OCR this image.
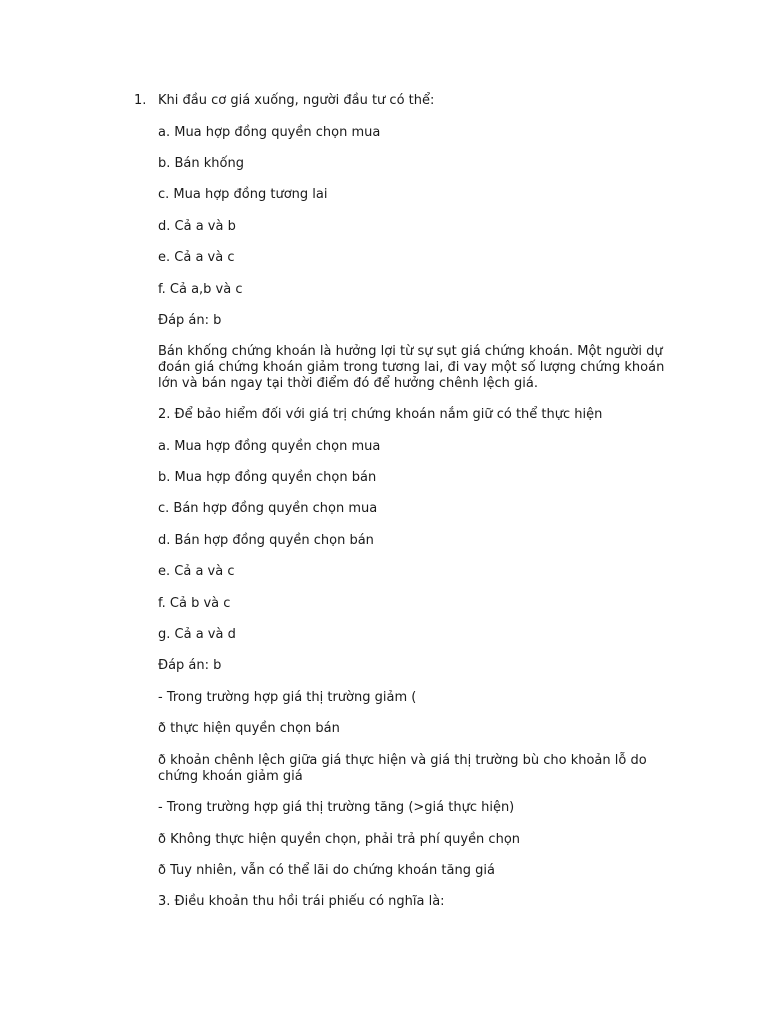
1. Khi đầu cơ giá xuống, người đầu tư có thể:
a. Mua hợp đồng quyền chọn mua
b. Bán khống
c. Mua hợp đồng tương lai
d. Cả a và b
e. Cả a và c
f. Cả a,b và c
Đáp án: b
Bán khống chứng khoán là hưởng lợi từ sự sụt giá chứng khoán. Một người dự đoán giá chứng khoán giảm trong tương lai, đi vay một số lượng chứng khoán lớn và bán ngay tại thời điểm đó để hưởng chênh lệch giá.
2. Để bảo hiểm đối với giá trị chứng khoán nắm giữ có thể thực hiện
a. Mua hợp đồng quyền chọn mua
b. Mua hợp đồng quyền chọn bán
c. Bán hợp đồng quyền chọn mua
d. Bán hợp đồng quyền chọn bán
e. Cả a và c
f. Cả b và c
g. Cả a và d
Đáp án: b
- Trong trường hợp giá thị trường giảm (
ð thực hiện quyền chọn bán
ð khoản chênh lệch giữa giá thực hiện và giá thị trường bù cho khoản lỗ do chứng khoán giảm giá
- Trong trường hợp giá thị trường tăng (>giá thực hiện)
ð Không thực hiện quyền chọn, phải trả phí quyền chọn
ð Tuy nhiên, vẫn có thể lãi do chứng khoán tăng giá
3. Điều khoản thu hồi trái phiếu có nghĩa là:
